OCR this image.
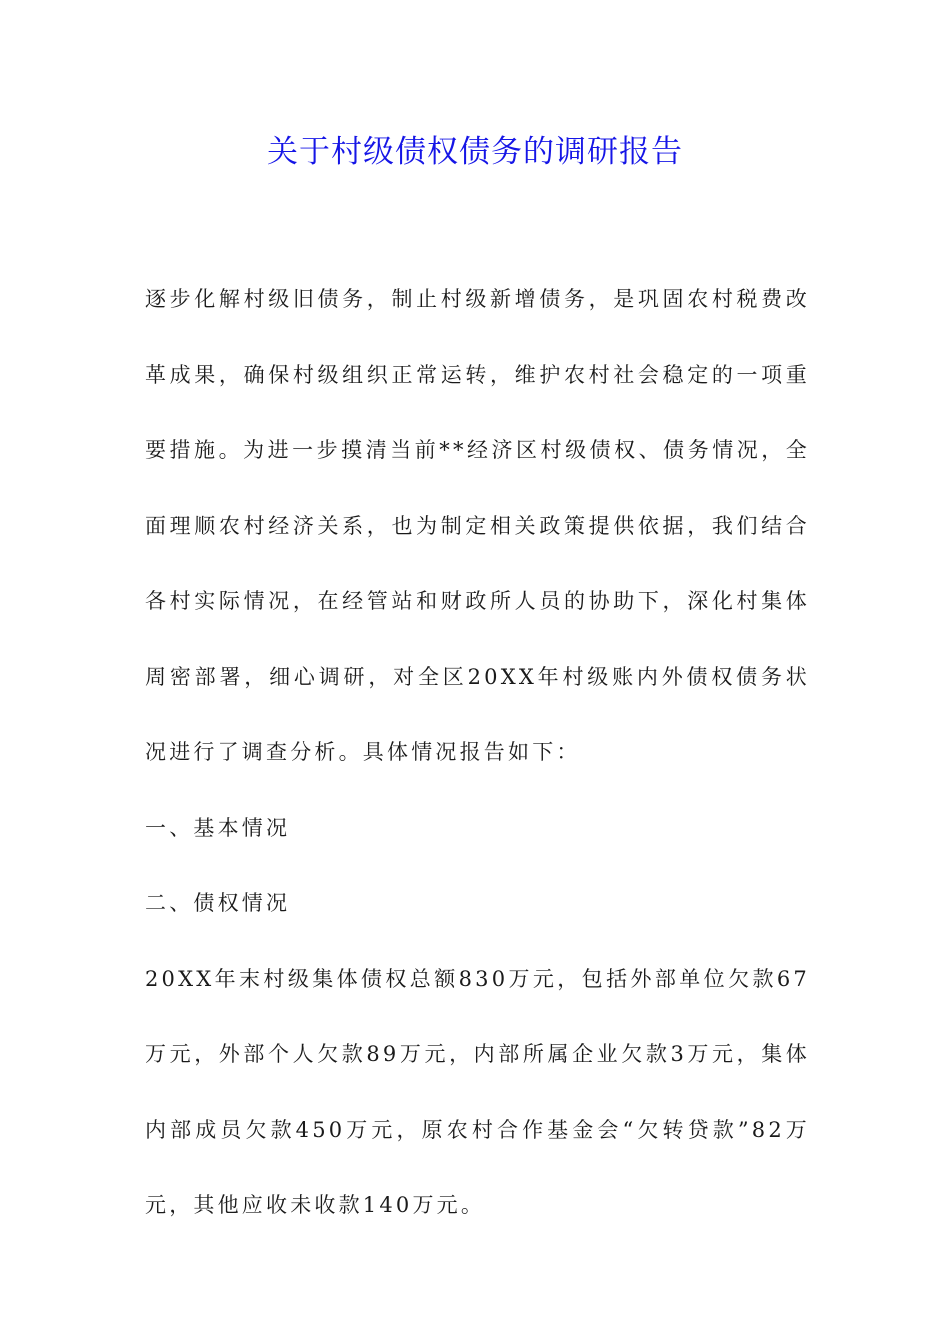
关于村级债权债务的调研报告

逐步化解村级旧债务，制止村级新增债务，是巩固农村税费改革成果，确保村级组织正常运转，维护农村社会稳定的一项重要措施。为进一步摸清当前**经济区村级债权、债务情况，全面理顺农村经济关系，也为制定相关政策提供依据，我们结合各村实际情况，在经管站和财政所人员的协助下，深化村集体周密部署，细心调研，对全区20XX年村级账内外债权债务状况进行了调查分析。具体情况报告如下：

一、基本情况

二、债权情况

20XX年末村级集体债权总额830万元，包括外部单位欠款67万元，外部个人欠款89万元，内部所属企业欠款3万元，集体内部成员欠款450万元，原农村合作基金会“欠转贷款”82万元，其他应收未收款140万元。
